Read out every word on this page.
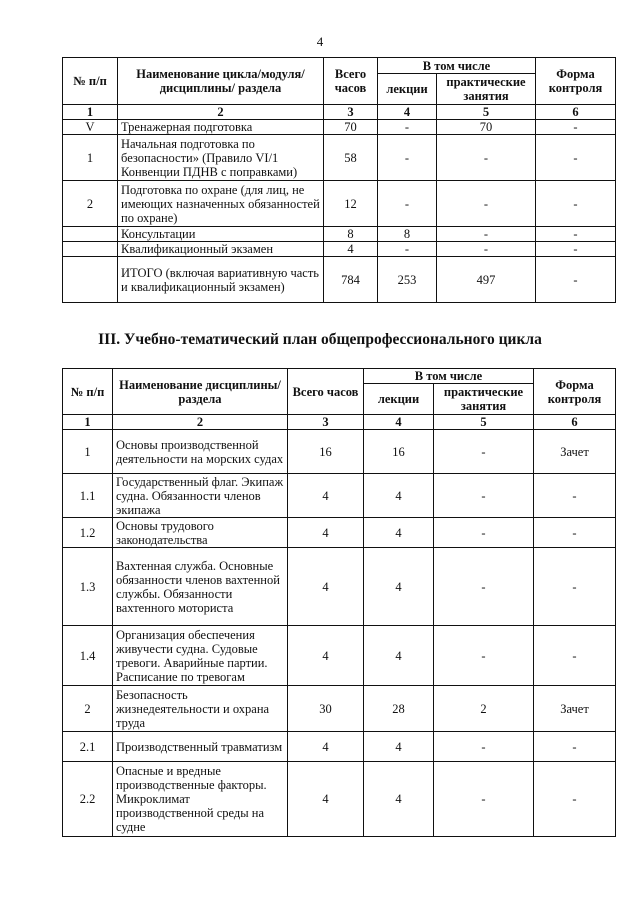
4
№ п/п	Наименование цикла/модуля/дисциплины/ раздела	Всего часов	В том числе		Форма контроля
			лекции	практические занятия	
1	2	3	4	5	6
V	Тренажерная подготовка	70	-	70	-
1	Начальная подготовка по безопасности» (Правило VI/1 Конвенции ПДНВ с поправками)	58	-	-	-
2	Подготовка по охране (для лиц, не имеющих назначенных обязанностей по охране)	12	-	-	-
	Консультации	8	8	-	-
	Квалификационный экзамен	4	-	-	-
	ИТОГО (включая вариативную часть и квалификационный экзамен)	784	253	497	-
III. Учебно-тематический план общепрофессионального цикла
№ п/п	Наименование дисциплины/раздела	Всего часов	В том числе		Форма контроля
			лекции	практические занятия	
1	2	3	4	5	6
1	Основы производственной деятельности на морских судах	16	16	-	Зачет
1.1	Государственный флаг. Экипаж судна. Обязанности членов экипажа	4	4	-	-
1.2	Основы трудового законодательства	4	4	-	-
1.3	Вахтенная служба. Основные обязанности членов вахтенной службы. Обязанности вахтенного моториста	4	4	-	-
1.4	Организация обеспечения живучести судна. Судовые тревоги. Аварийные партии. Расписание по тревогам	4	4	-	-
2	Безопасность жизнедеятельности и охрана труда	30	28	2	Зачет
2.1	Производственный травматизм	4	4	-	-
2.2	Опасные и вредные производственные факторы. Микроклимат производственной среды на судне	4	4	-	-
